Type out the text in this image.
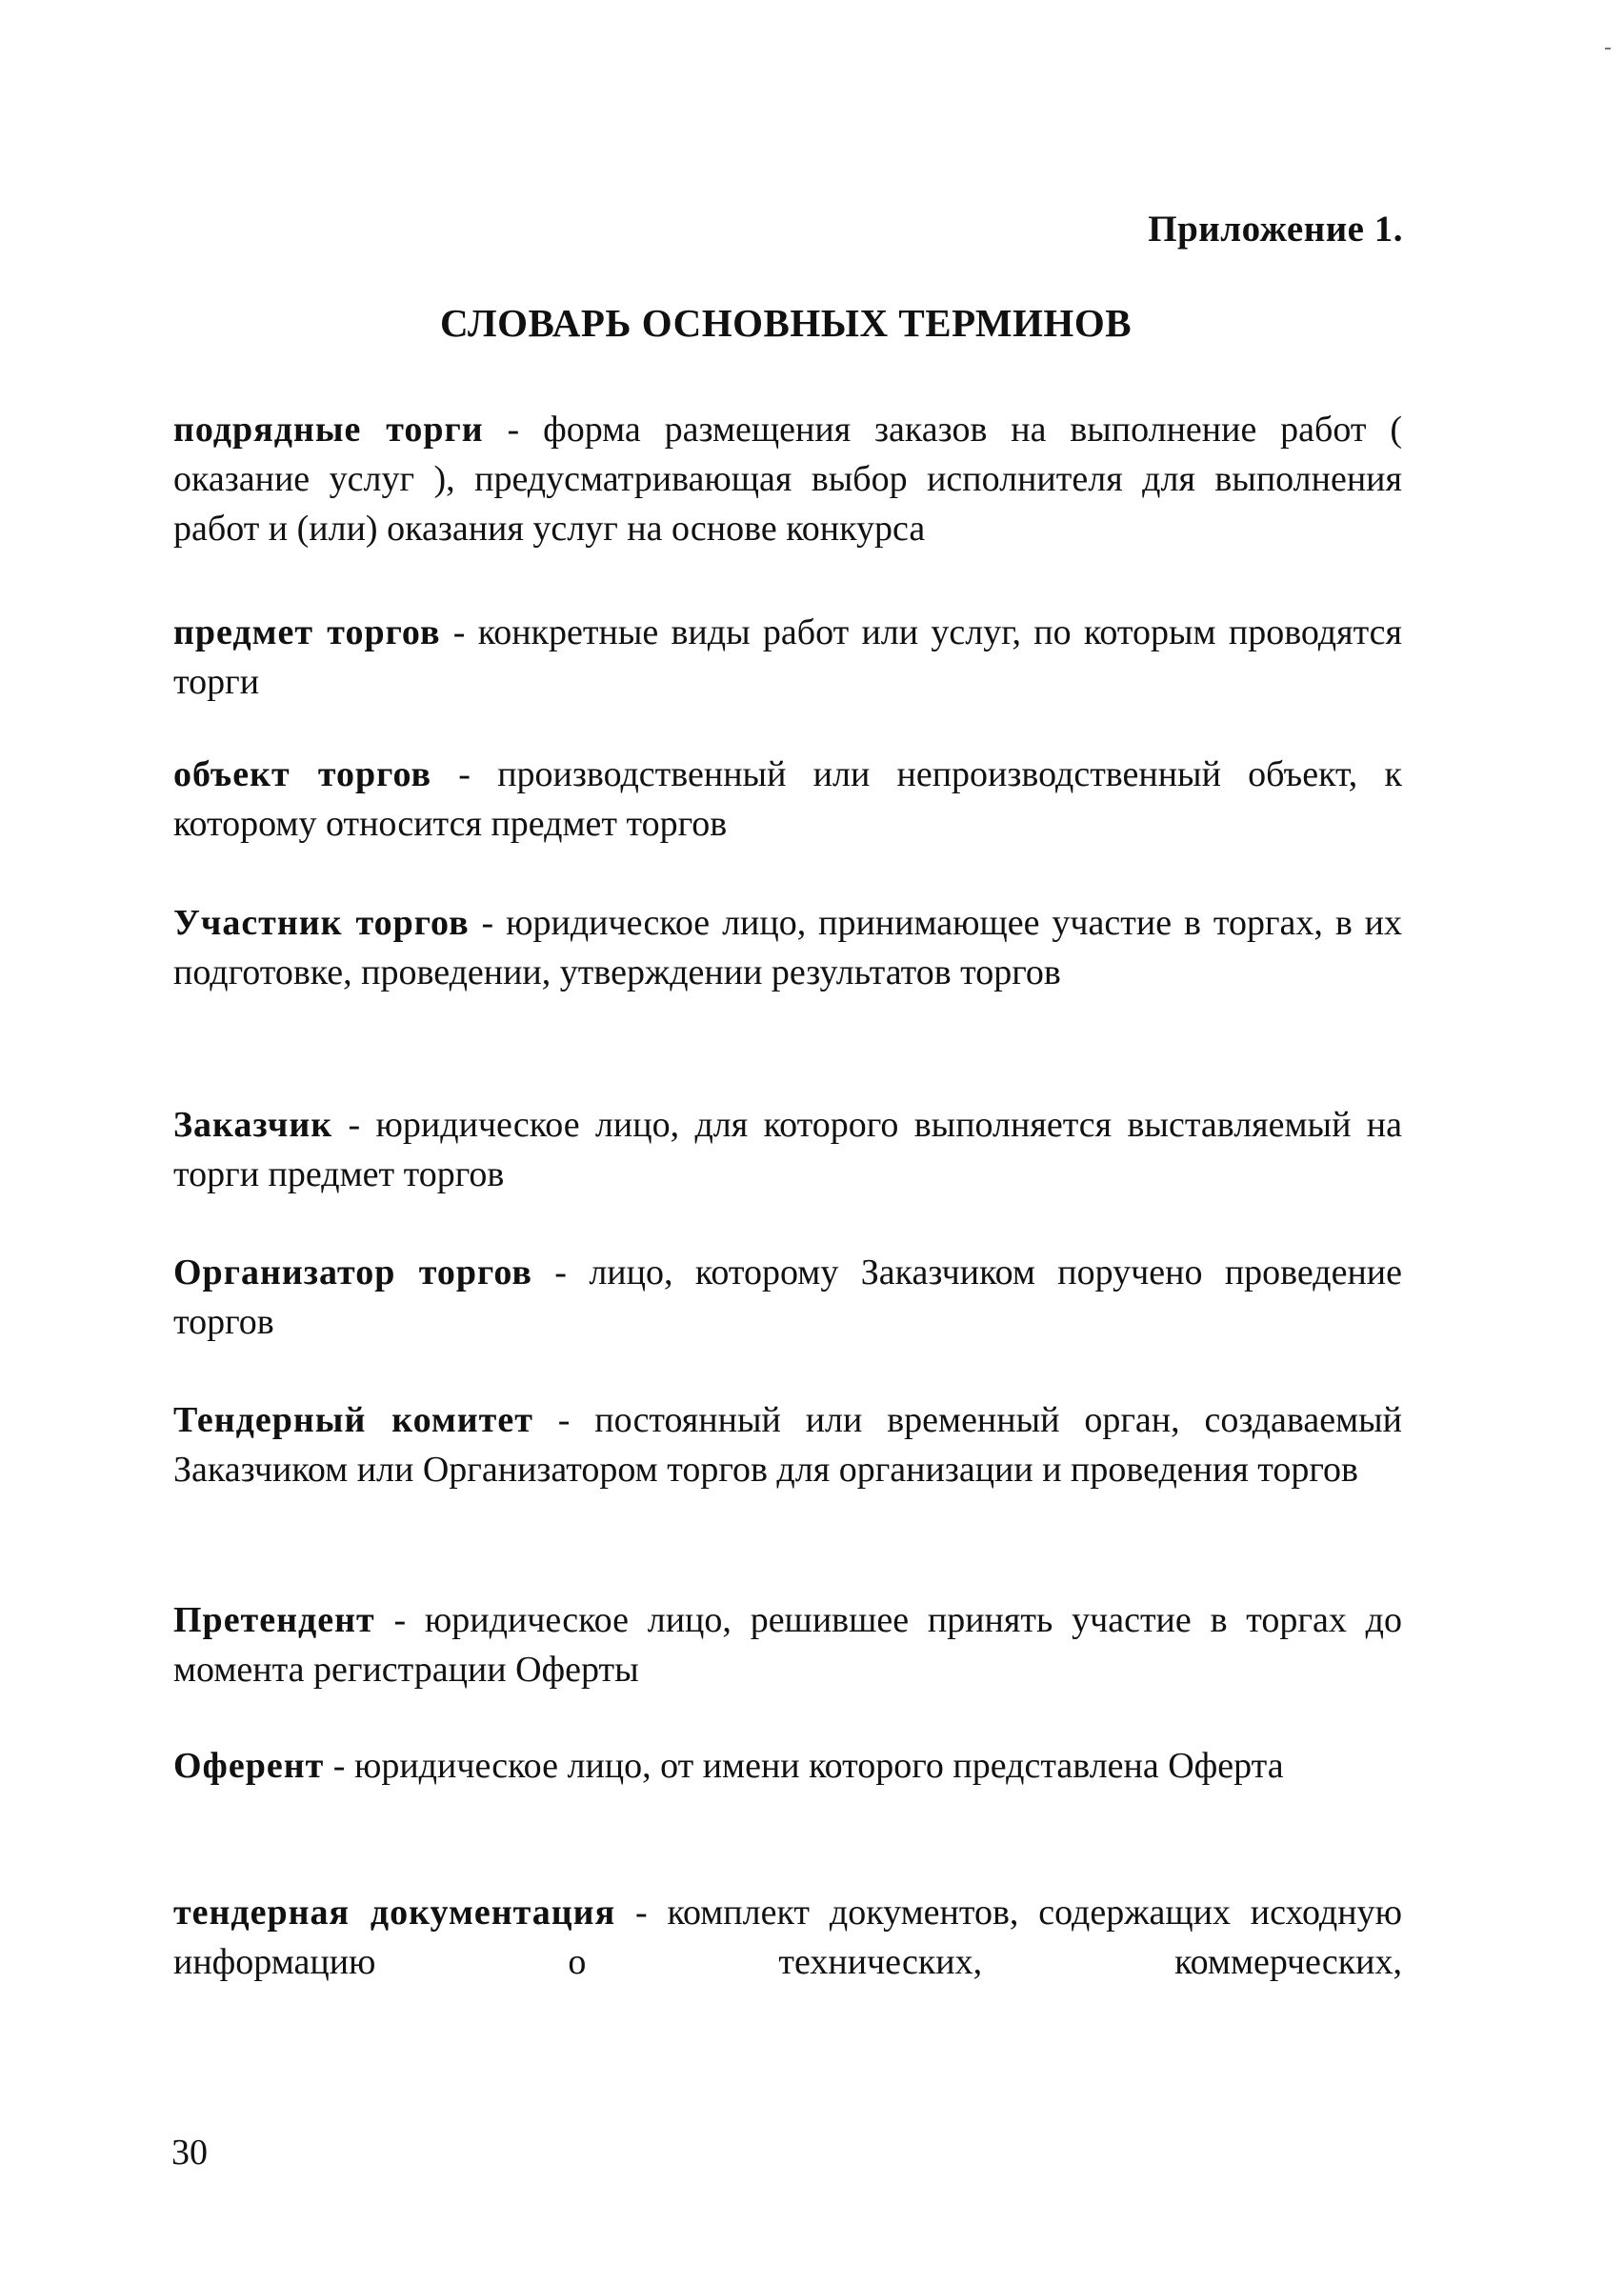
Приложение 1.
СЛОВАРЬ ОСНОВНЫХ ТЕРМИНОВ
подрядные торги - форма размещения заказов на выполнение работ ( оказание услуг ), предусматривающая выбор исполнителя для выполнения работ и (или) оказания услуг на основе конкурса
предмет торгов - конкретные виды работ или услуг, по которым проводятся торги
объект торгов - производственный или непроизводственный объект, к которому относится предмет торгов
Участник торгов - юридическое лицо, принимающее участие в торгах, в их подготовке, проведении, утверждении результатов торгов
Заказчик - юридическое лицо, для которого выполняется выставляемый на торги предмет торгов
Организатор торгов - лицо, которому Заказчиком поручено проведение торгов
Тендерный комитет - постоянный или временный орган, создаваемый Заказчиком или Организатором торгов для организации и проведения торгов
Претендент - юридическое лицо, решившее принять участие в торгах до момента регистрации Оферты
Оферент - юридическое лицо, от имени которого представлена Оферта
тендерная документация - комплект документов, содержащих исходную информацию о технических, коммерческих,
30
